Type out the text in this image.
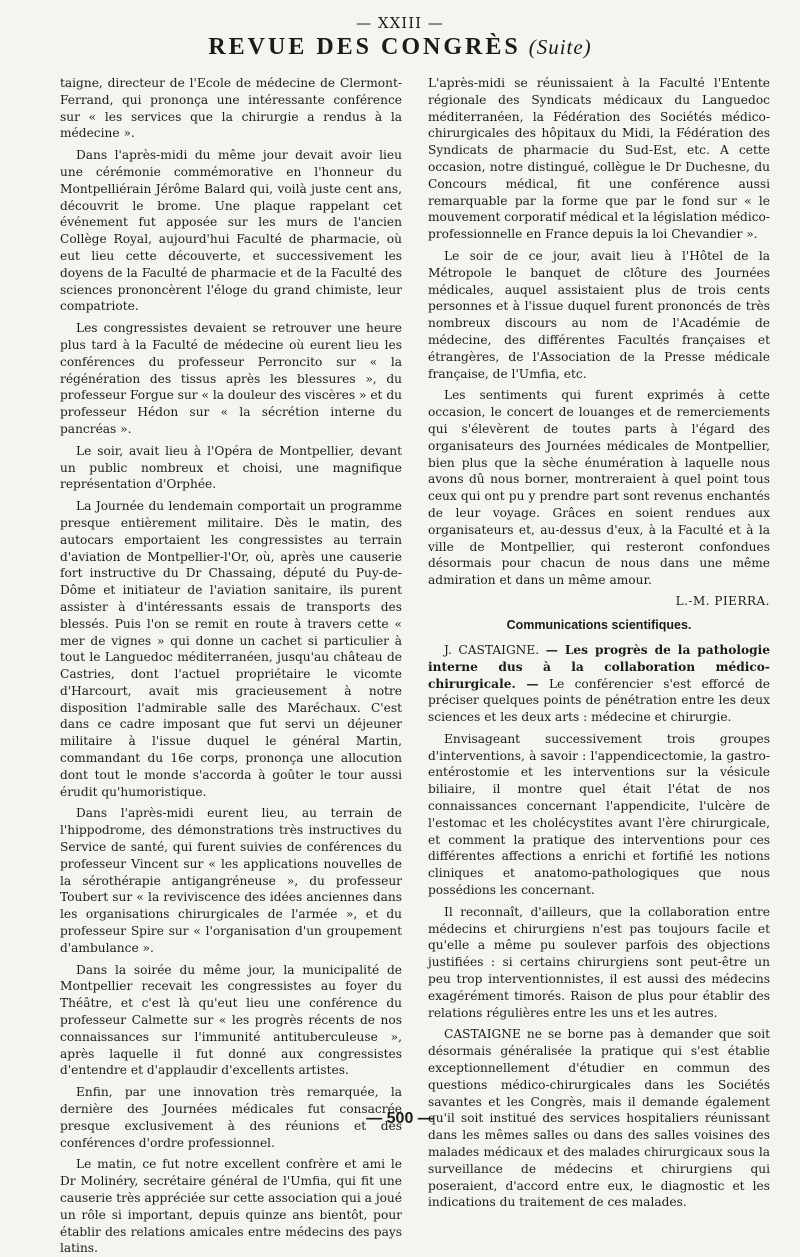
— XXIII —
REVUE DES CONGRÈS (Suite)

taigne, directeur de l'Ecole de médecine de Clermont-Ferrand, qui prononça une intéressante conférence sur « les services que la chirurgie a rendus à la médecine ».

Dans l'après-midi du même jour devait avoir lieu une cérémonie commémorative en l'honneur du Montpelliérain Jérôme Balard qui, voilà juste cent ans, découvrit le brome. Une plaque rappelant cet événement fut apposée sur les murs de l'ancien Collège Royal, aujourd'hui Faculté de pharmacie, où eut lieu cette découverte, et successivement les doyens de la Faculté de pharmacie et de la Faculté des sciences prononcèrent l'éloge du grand chimiste, leur compatriote.

Les congressistes devaient se retrouver une heure plus tard à la Faculté de médecine où eurent lieu les conférences du professeur Perroncito sur « la régénération des tissus après les blessures », du professeur Forgue sur « la douleur des viscères » et du professeur Hédon sur « la sécrétion interne du pancréas ».

Le soir, avait lieu à l'Opéra de Montpellier, devant un public nombreux et choisi, une magnifique représentation d'Orphée.

La Journée du lendemain comportait un programme presque entièrement militaire. Dès le matin, des autocars emportaient les congressistes au terrain d'aviation de Montpellier-l'Or, où, après une causerie fort instructive du Dr Chassaing, député du Puy-de-Dôme et initiateur de l'aviation sanitaire, ils purent assister à d'intéressants essais de transports des blessés. Puis l'on se remit en route à travers cette « mer de vignes » qui donne un cachet si particulier à tout le Languedoc méditerranéen, jusqu'au château de Castries, dont l'actuel propriétaire le vicomte d'Harcourt, avait mis gracieusement à notre disposition l'admirable salle des Maréchaux. C'est dans ce cadre imposant que fut servi un déjeuner militaire à l'issue duquel le général Martin, commandant du 16e corps, prononça une allocution dont tout le monde s'accorda à goûter le tour aussi érudit qu'humoristique.

Dans l'après-midi eurent lieu, au terrain de l'hippodrome, des démonstrations très instructives du Service de santé, qui furent suivies de conférences du professeur Vincent sur « les applications nouvelles de la sérothérapie antigangréneuse », du professeur Toubert sur « la reviviscence des idées anciennes dans les organisations chirurgicales de l'armée », et du professeur Spire sur « l'organisation d'un groupement d'ambulance ».

Dans la soirée du même jour, la municipalité de Montpellier recevait les congressistes au foyer du Théâtre, et c'est là qu'eut lieu une conférence du professeur Calmette sur « les progrès récents de nos connaissances sur l'immunité antituberculeuse », après laquelle il fut donné aux congressistes d'entendre et d'applaudir d'excellents artistes.

Enfin, par une innovation très remarquée, la dernière des Journées médicales fut consacrée presque exclusivement à des réunions et des conférences d'ordre professionnel.

Le matin, ce fut notre excellent confrère et ami le Dr Molinéry, secrétaire général de l'Umfia, qui fit une causerie très appréciée sur cette association qui a joué un rôle si important, depuis quinze ans bientôt, pour établir des relations amicales entre médecins des pays latins.

L'après-midi se réunissaient à la Faculté l'Entente régionale des Syndicats médicaux du Languedoc méditerranéen, la Fédération des Sociétés médico-chirurgicales des hôpitaux du Midi, la Fédération des Syndicats de pharmacie du Sud-Est, etc. A cette occasion, notre distingué, collègue le Dr Duchesne, du Concours médical, fit une conférence aussi remarquable par la forme que par le fond sur « le mouvement corporatif médical et la législation médico-professionnelle en France depuis la loi Chevandier ».

Le soir de ce jour, avait lieu à l'Hôtel de la Métropole le banquet de clôture des Journées médicales, auquel assistaient plus de trois cents personnes et à l'issue duquel furent prononcés de très nombreux discours au nom de l'Académie de médecine, des différentes Facultés françaises et étrangères, de l'Association de la Presse médicale française, de l'Umfia, etc.

Les sentiments qui furent exprimés à cette occasion, le concert de louanges et de remerciements qui s'élevèrent de toutes parts à l'égard des organisateurs des Journées médicales de Montpellier, bien plus que la sèche énumération à laquelle nous avons dû nous borner, montreraient à quel point tous ceux qui ont pu y prendre part sont revenus enchantés de leur voyage. Grâces en soient rendues aux organisateurs et, au-dessus d'eux, à la Faculté et à la ville de Montpellier, qui resteront confondues désormais pour chacun de nous dans une même admiration et dans un même amour.

L.-M. PIERRA.
Communications scientifiques.

J. CASTAIGNE. — Les progrès de la pathologie interne dus à la collaboration médico-chirurgicale. — Le conférencier s'est efforcé de préciser quelques points de pénétration entre les deux sciences et les deux arts : médecine et chirurgie.

Envisageant successivement trois groupes d'interventions, à savoir : l'appendicectomie, la gastro-entérostomie et les interventions sur la vésicule biliaire, il montre quel était l'état de nos connaissances concernant l'appendicite, l'ulcère de l'estomac et les cholécystites avant l'ère chirurgicale, et comment la pratique des interventions pour ces différentes affections a enrichi et fortifié les notions cliniques et anatomo-pathologiques que nous possédions les concernant.

Il reconnaît, d'ailleurs, que la collaboration entre médecins et chirurgiens n'est pas toujours facile et qu'elle a même pu soulever parfois des objections justifiées : si certains chirurgiens sont peut-être un peu trop interventionnistes, il est aussi des médecins exagérément timorés. Raison de plus pour établir des relations régulières entre les uns et les autres.

CASTAIGNE ne se borne pas à demander que soit désormais généralisée la pratique qui s'est établie exceptionnellement d'étudier en commun des questions médico-chirurgicales dans les Sociétés savantes et les Congrès, mais il demande également qu'il soit institué des services hospitaliers réunissant dans les mêmes salles ou dans des salles voisines des malades médicaux et des malades chirurgicaux sous la surveillance de médecins et chirurgiens qui poseraient, d'accord entre eux, le diagnostic et les indications du traitement de ces malades.

— 500 —
